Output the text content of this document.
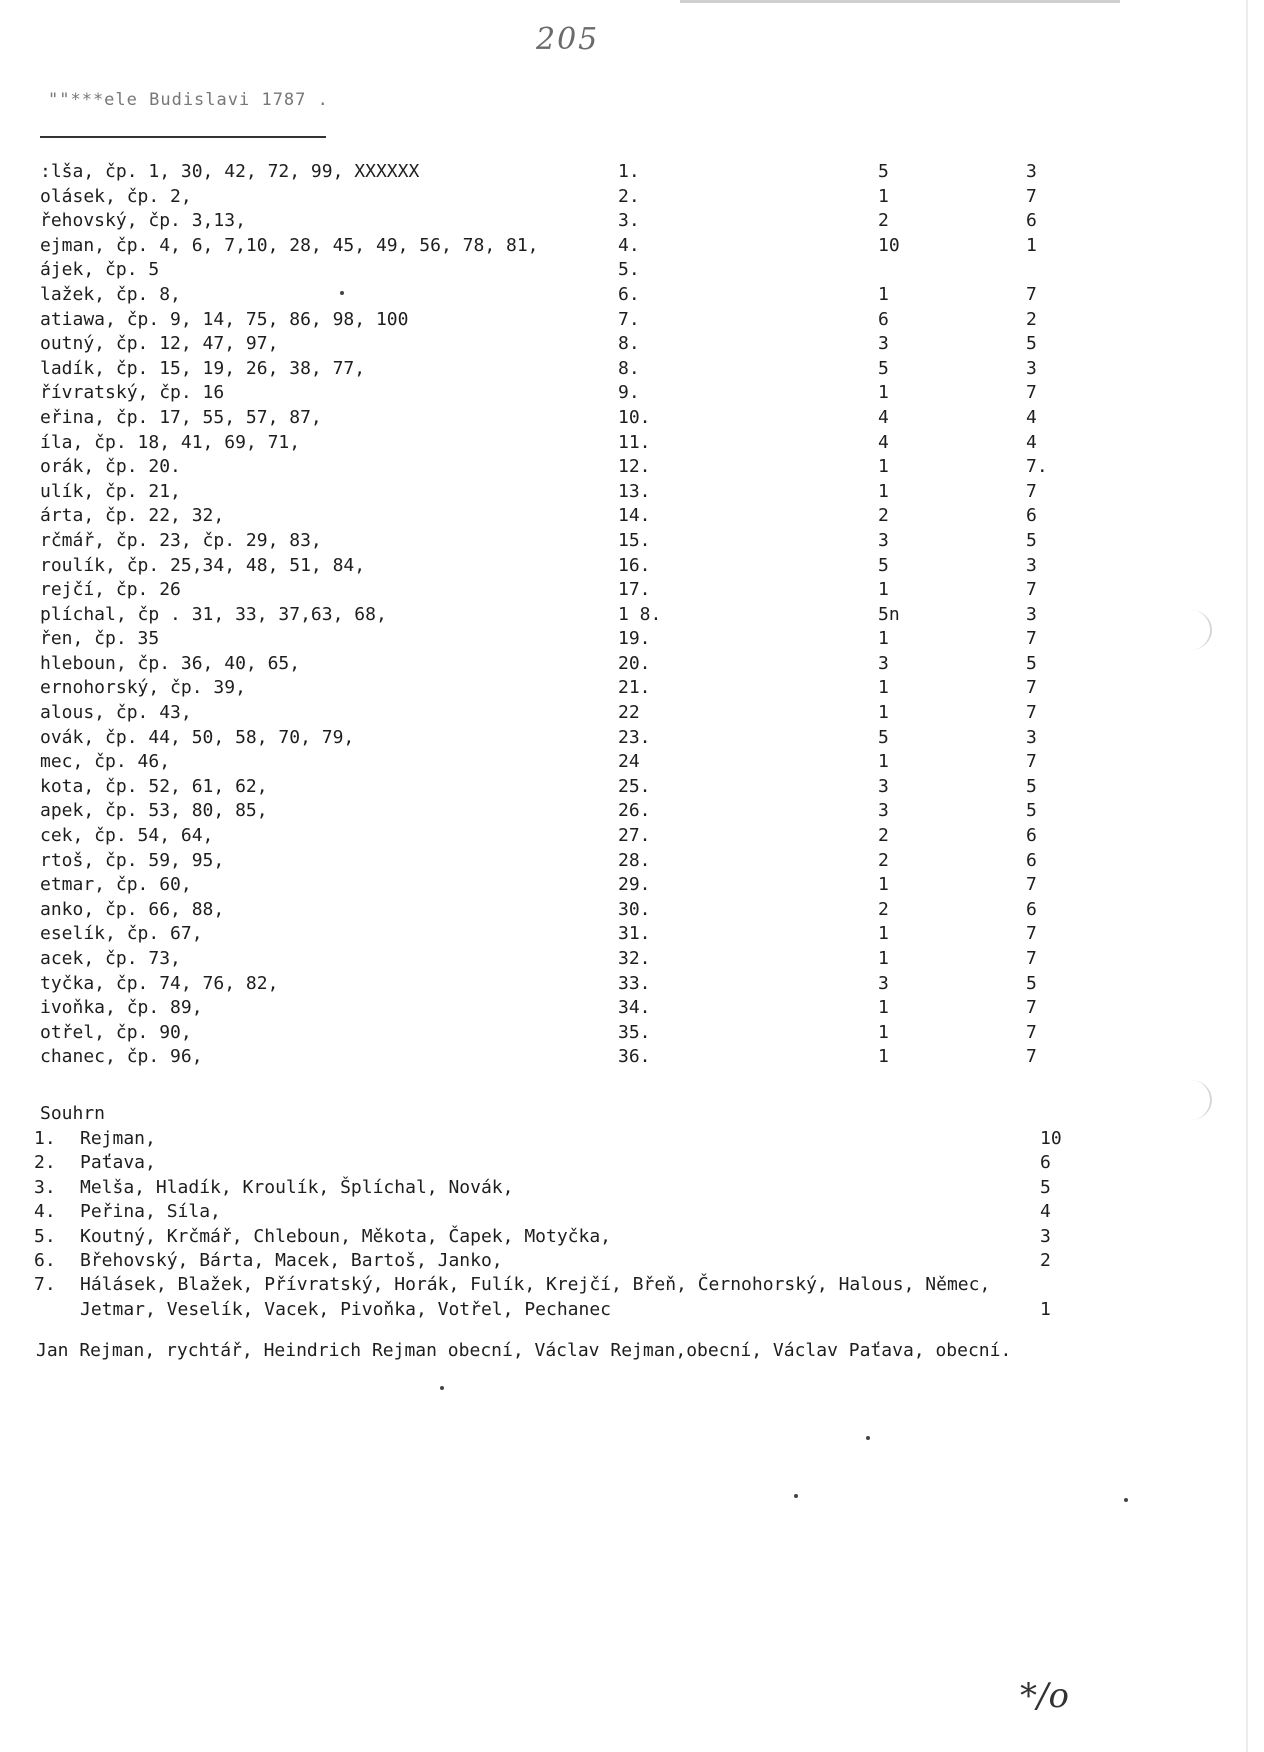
205
""***ele Budislavi 1787 .
:lša, čp. 1, 30, 42, 72, 99, XXXXXX	1.	5	3
olásek, čp. 2,	2.	1	7
řehovský, čp. 3,13,	3.	2	6
ejman, čp. 4, 6, 7,10, 28, 45, 49, 56, 78, 81,	4.	10	1
ájek, čp. 5	5.
lažek, čp. 8,	6.	1	7
atiawa, čp. 9, 14, 75, 86, 98, 100	7.	6	2
outný, čp. 12, 47, 97,	8.	3	5
ladík, čp. 15, 19, 26, 38, 77,	8.	5	3
řívratský, čp. 16	9.	1	7
eřina, čp. 17, 55, 57, 87,	10.	4	4
íla, čp. 18, 41, 69, 71,	11.	4	4
orák, čp. 20.	12.	1	7.
ulík, čp. 21,	13.	1	7
árta, čp. 22, 32,	14.	2	6
rčmář, čp. 23, čp. 29, 83,	15.	3	5
roulík, čp. 25,34, 48, 51, 84,	16.	5	3
rejčí, čp. 26	17.	1	7
plíchal, čp . 31, 33, 37,63, 68,	1 8.	5n	3
řen, čp. 35	19.	1	7
hleboun, čp. 36, 40, 65,	20.	3	5
ernohorský, čp. 39,	21.	1	7
alous, čp. 43,	22	1	7
ovák, čp. 44, 50, 58, 70, 79,	23.	5	3
mec, čp. 46,	24	1	7
kota, čp. 52, 61, 62,	25.	3	5
apek, čp. 53, 80, 85,	26.	3	5
cek, čp. 54, 64,	27.	2	6
rtoš, čp. 59, 95,	28.	2	6
etmar, čp. 60,	29.	1	7
anko, čp. 66, 88,	30.	2	6
eselík, čp. 67,	31.	1	7
acek, čp. 73,	32.	1	7
tyčka, čp. 74, 76, 82,	33.	3	5
ivoňka, čp. 89,	34.	1	7
otřel, čp. 90,	35.	1	7
chanec, čp. 96,	36.	1	7
Souhrn
1. Rejman,	10
2. Paťava,	6
3. Melša, Hladík, Kroulík, Šplíchal, Novák,	5
4. Peřina, Síla,	4
5. Koutný, Krčmář, Chleboun, Měkota, Čapek, Motyčka,	3
6. Břehovský, Bárta, Macek, Bartoš, Janko,	2
7. Hálásek, Blažek, Přívratský, Horák, Fulík, Krejčí, Břeň, Černohorský, Halous, Němec,
Jetmar, Veselík, Vacek, Pivoňka, Votřel, Pechanec	1
Jan Rejman, rychtář, Heindrich Rejman obecní, Václav Rejman,obecní, Václav Paťava, obecní.
*/o
